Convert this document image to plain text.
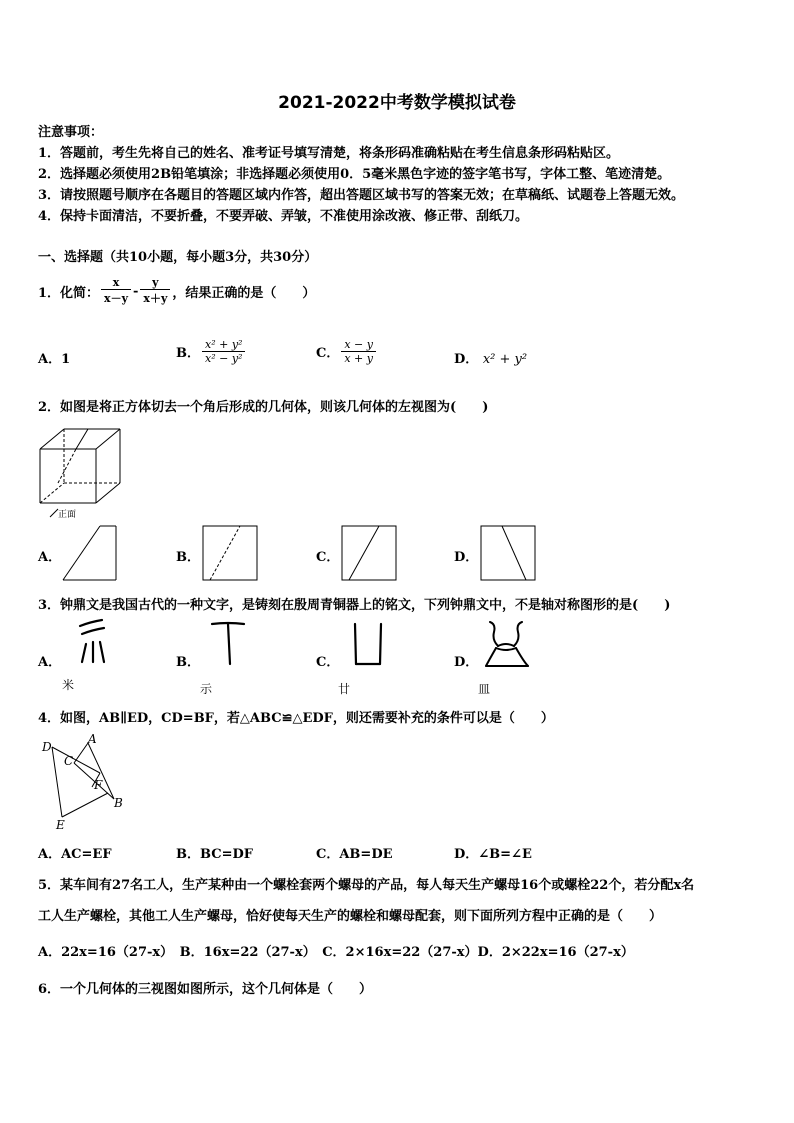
2021-2022中考数学模拟试卷
注意事项：
1．答题前，考生先将自己的姓名、准考证号填写清楚，将条形码准确粘贴在考生信息条形码粘贴区。
2．选择题必须使用2B铅笔填涂；非选择题必须使用0．5毫米黑色字迹的签字笔书写，字体工整、笔迹清楚。
3．请按照题号顺序在各题目的答题区域内作答，超出答题区域书写的答案无效；在草稿纸、试题卷上答题无效。
4．保持卡面清洁，不要折叠，不要弄破、弄皱，不准使用涂改液、修正带、刮纸刀。
一、选择题（共10小题，每小题3分，共30分）
1．化简： $\frac{x}{x-y} - \frac{y}{x+y}$ ，结果正确的是（　　）
A．1	B． $\frac{\text{x² + y²}}{\text{x² − y²}}$	C． $\frac{x - y}{x + y}$	D． x² + y²
2．如图是将正方体切去一个角后形成的几何体，则该几何体的左视图为(　　)
正面
A．	B．	C．	D．
3．钟鼎文是我国古代的一种文字，是铸刻在殷周青铜器上的铭文，下列钟鼎文中，不是轴对称图形的是(　　)
A．
米
B．
示
C．
廿
D．
皿
4．如图，AB∥ED，CD=BF，若△ABC≌△EDF，则还需要补充的条件可以是（　　）
D
A
C
F
B
E
A．AC=EF	B．BC=DF	C．AB=DE	D．∠B=∠E
5．某车间有27名工人，生产某种由一个螺栓套两个螺母的产品，每人每天生产螺母16个或螺栓22个，若分配x名
工人生产螺栓，其他工人生产螺母，恰好使每天生产的螺栓和螺母配套，则下面所列方程中正确的是（　　）
A．22x=16（27-x）　B．16x=22（27-x）　C．2×16x=22（27-x）D．2×22x=16（27-x）
6．一个几何体的三视图如图所示，这个几何体是（　　）
